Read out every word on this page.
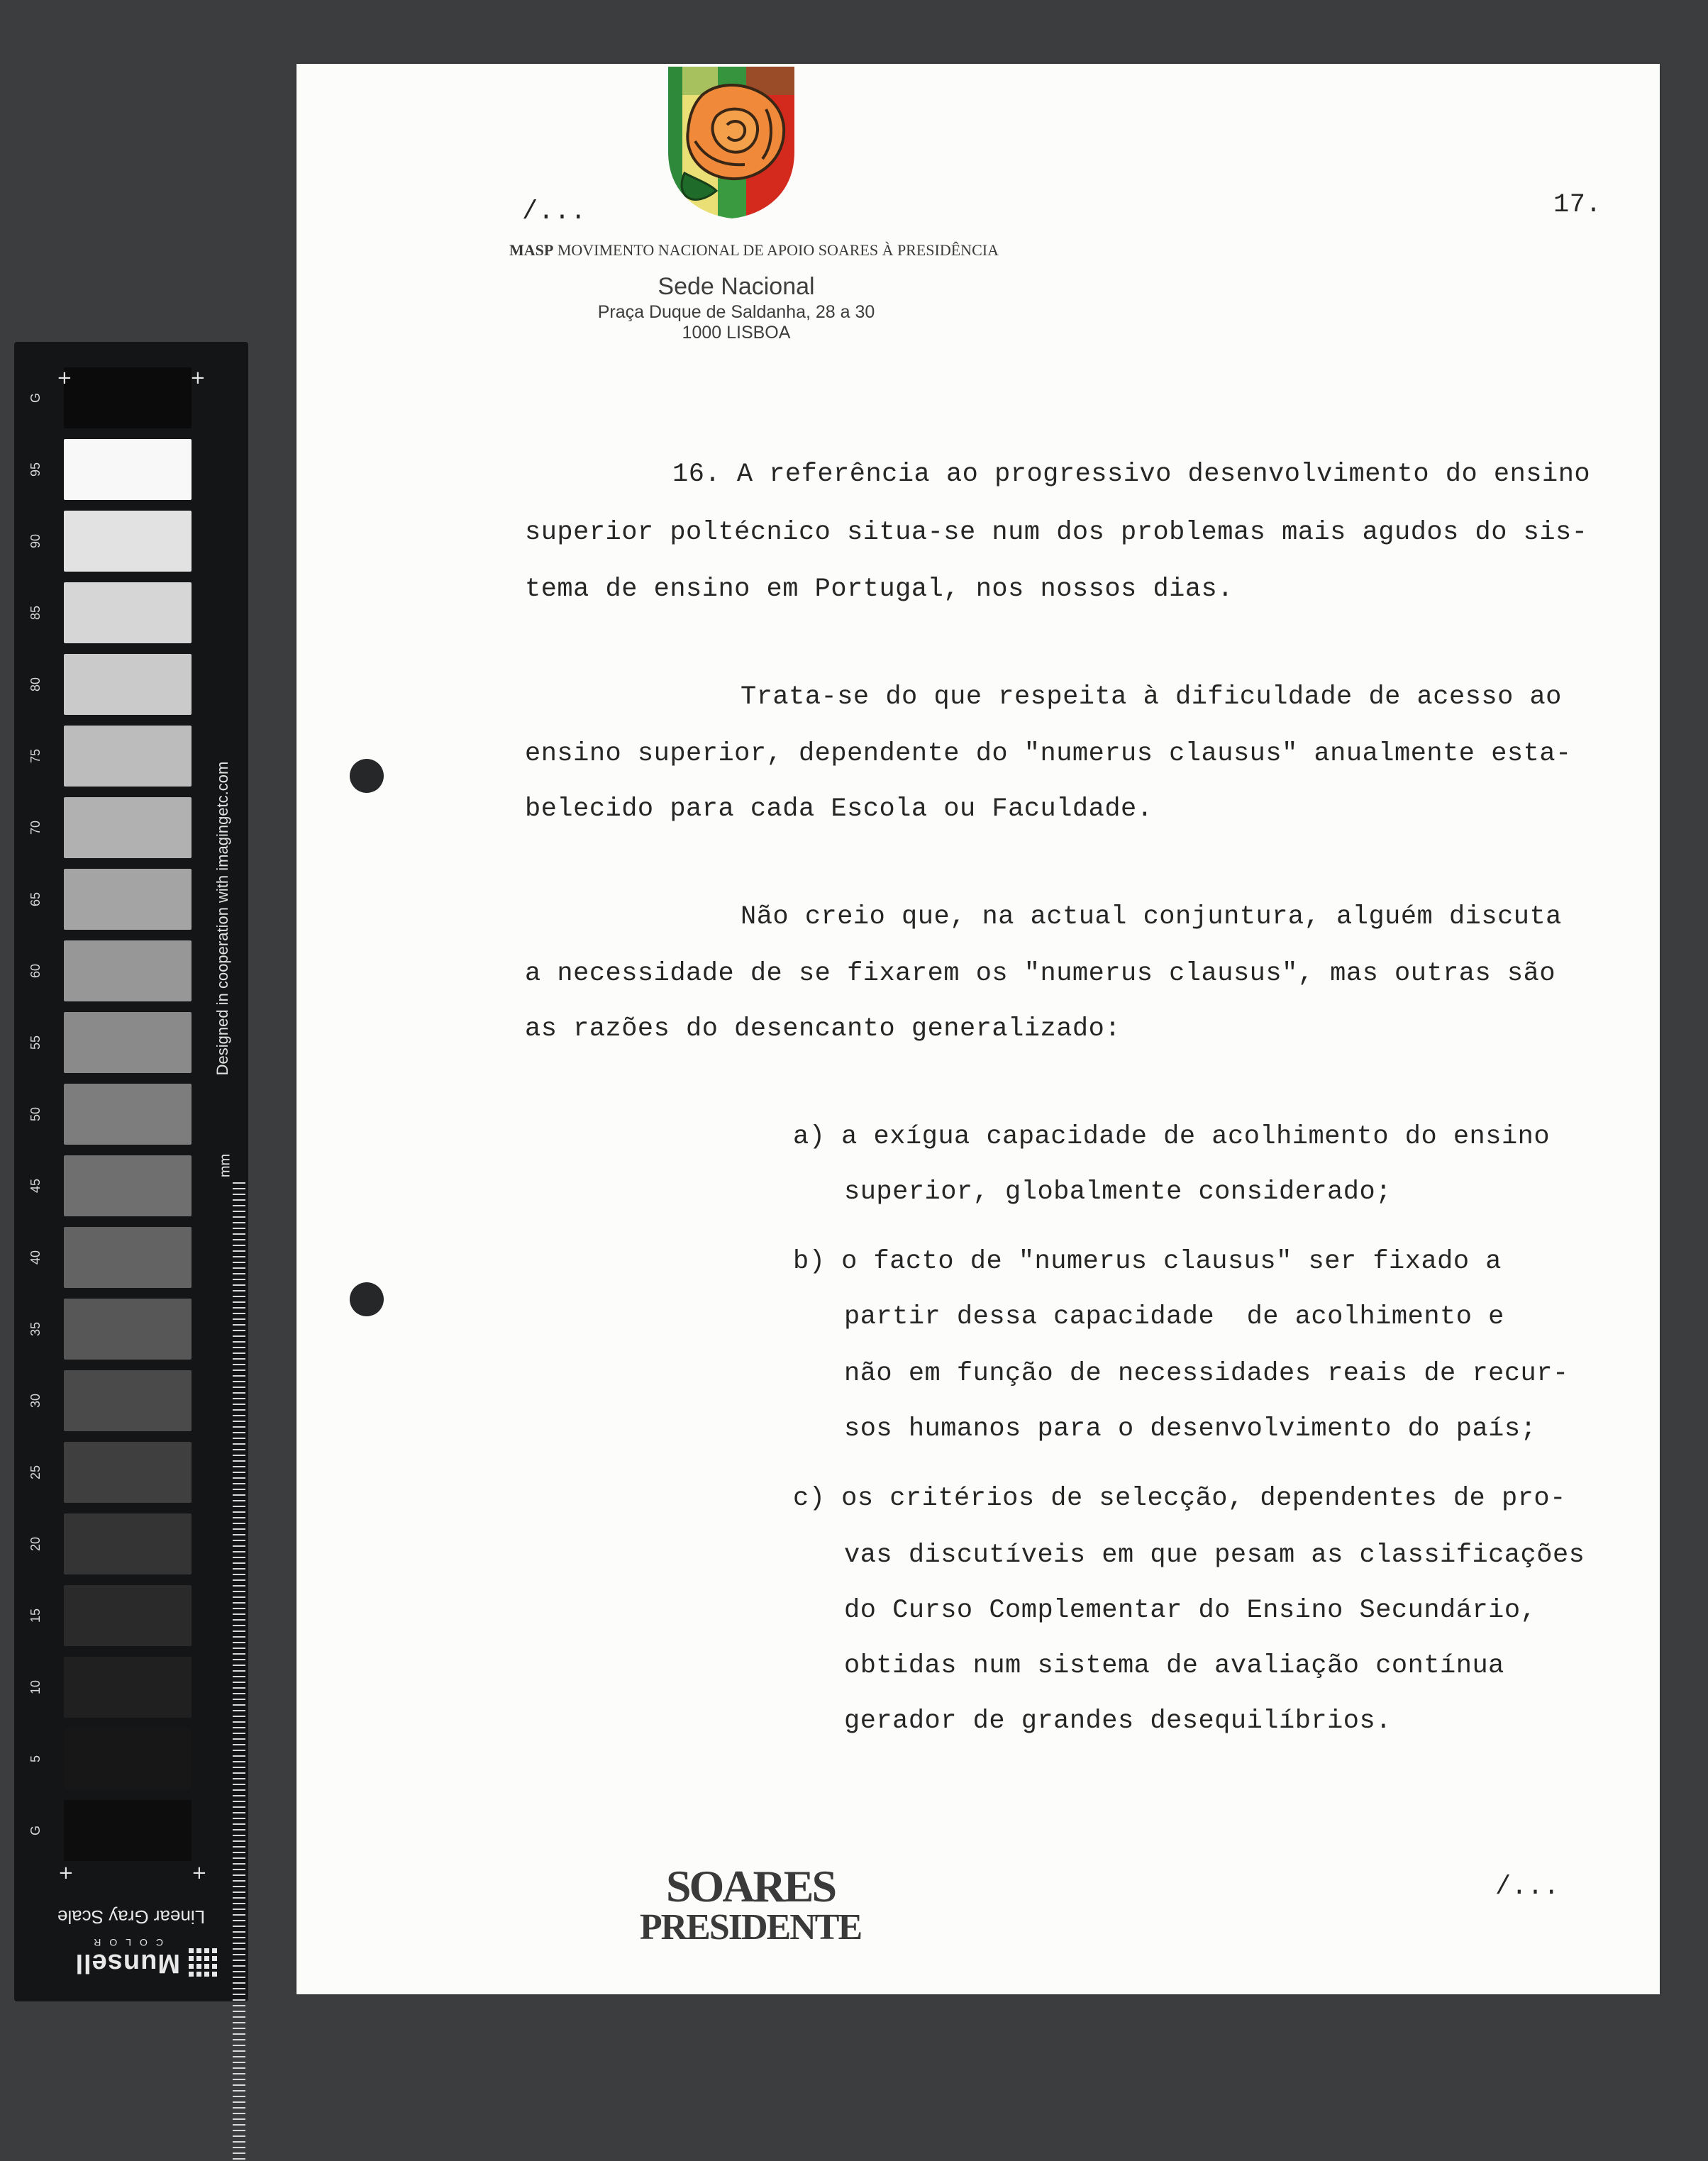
G
95
90
85
80
75
70
65
60
55
50
45
40
35
30
25
20
15
10
5
G
+	+
+	+
Designed in cooperation with imagingetc.com
mm
Linear Gray Scale
Munsell
COLOR
/...	17.
MASP MOVIMENTO NACIONAL DE APOIO SOARES À PRESIDÊNCIA
Sede Nacional
Praça Duque de Saldanha, 28 a 30
1000 LISBOA
16. A referência ao progressivo desenvolvimento do ensino
superior poltécnico situa-se num dos problemas mais agudos do sis-
tema de ensino em Portugal, nos nossos dias.
Trata-se do que respeita à dificuldade de acesso ao
ensino superior, dependente do "numerus clausus" anualmente esta-
belecido para cada Escola ou Faculdade.
Não creio que, na actual conjuntura, alguém discuta
a necessidade de se fixarem os "numerus clausus", mas outras são
as razões do desencanto generalizado:
a) a exígua capacidade de acolhimento do ensino
superior, globalmente considerado;
b) o facto de "numerus clausus" ser fixado a
partir dessa capacidade  de acolhimento e
não em função de necessidades reais de recur-
sos humanos para o desenvolvimento do país;
c) os critérios de selecção, dependentes de pro-
vas discutíveis em que pesam as classificações
do Curso Complementar do Ensino Secundário,
obtidas num sistema de avaliação contínua
gerador de grandes desequilíbrios.
SOARES
PRESIDENTE
/...
